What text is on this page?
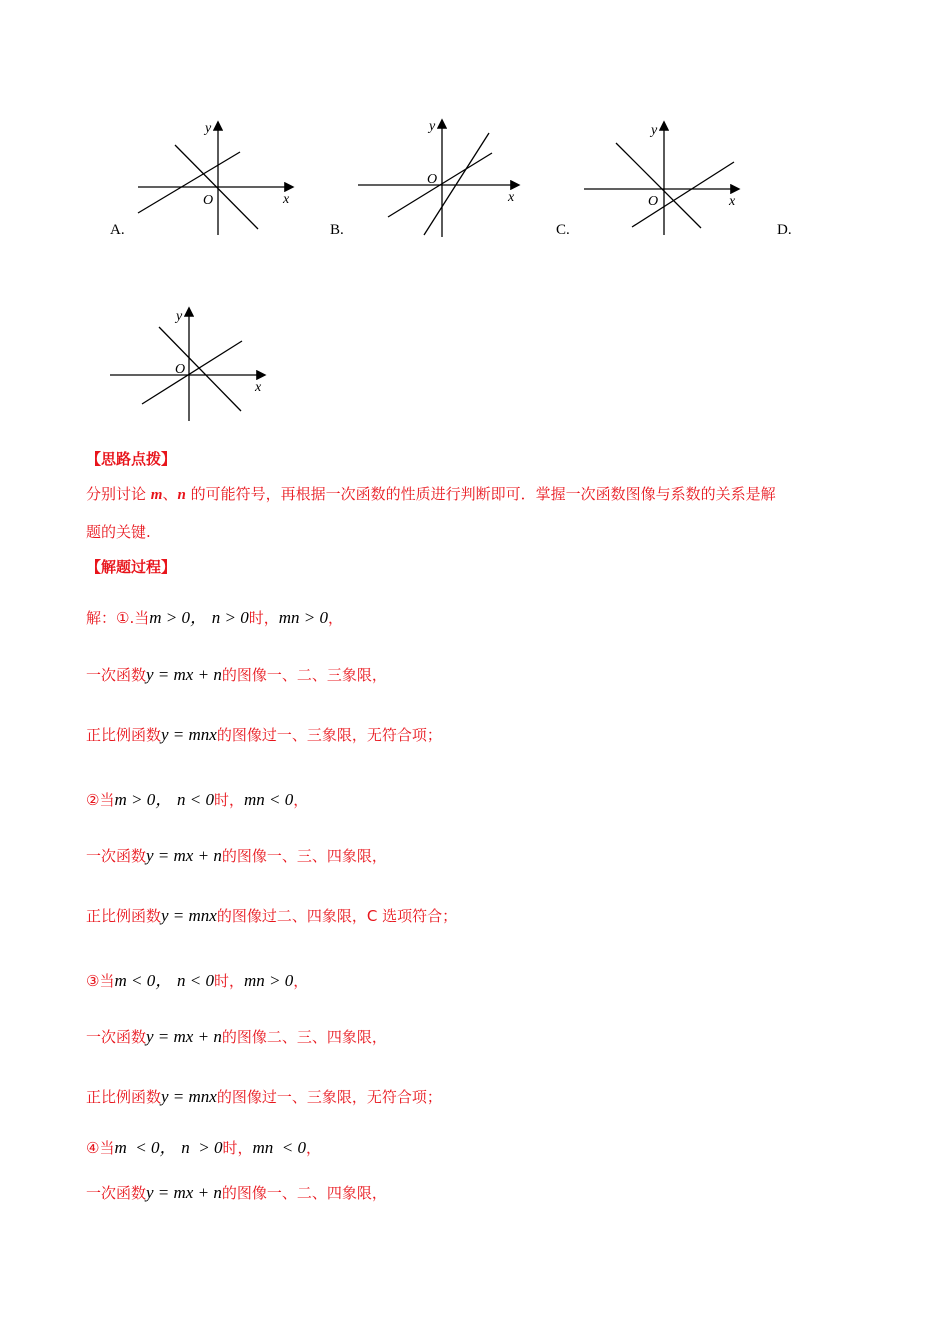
y
x
O
A.
y
x
O
B.
y
x
O
C.	D.
y
x
O
【思路点拨】
分别讨论 m、n 的可能符号，再根据一次函数的性质进行判断即可．掌握一次函数图像与系数的关系是解
题的关键.
【解题过程】
解：①.当m > 0， n > 0时，mn > 0，
一次函数y = mx + n的图像一、二、三象限，
正比例函数y = mnx的图像过一、三象限，无符合项；
②当m > 0， n < 0时，mn < 0，
一次函数y = mx + n的图像一、三、四象限，
正比例函数y = mnx的图像过二、四象限，C 选项符合；
③当m < 0， n < 0时，mn > 0，
一次函数y = mx + n的图像二、三、四象限，
正比例函数y = mnx的图像过一、三象限，无符合项；
④当m  < 0， n  > 0时，mn  < 0，
一次函数y = mx + n的图像一、二、四象限，
